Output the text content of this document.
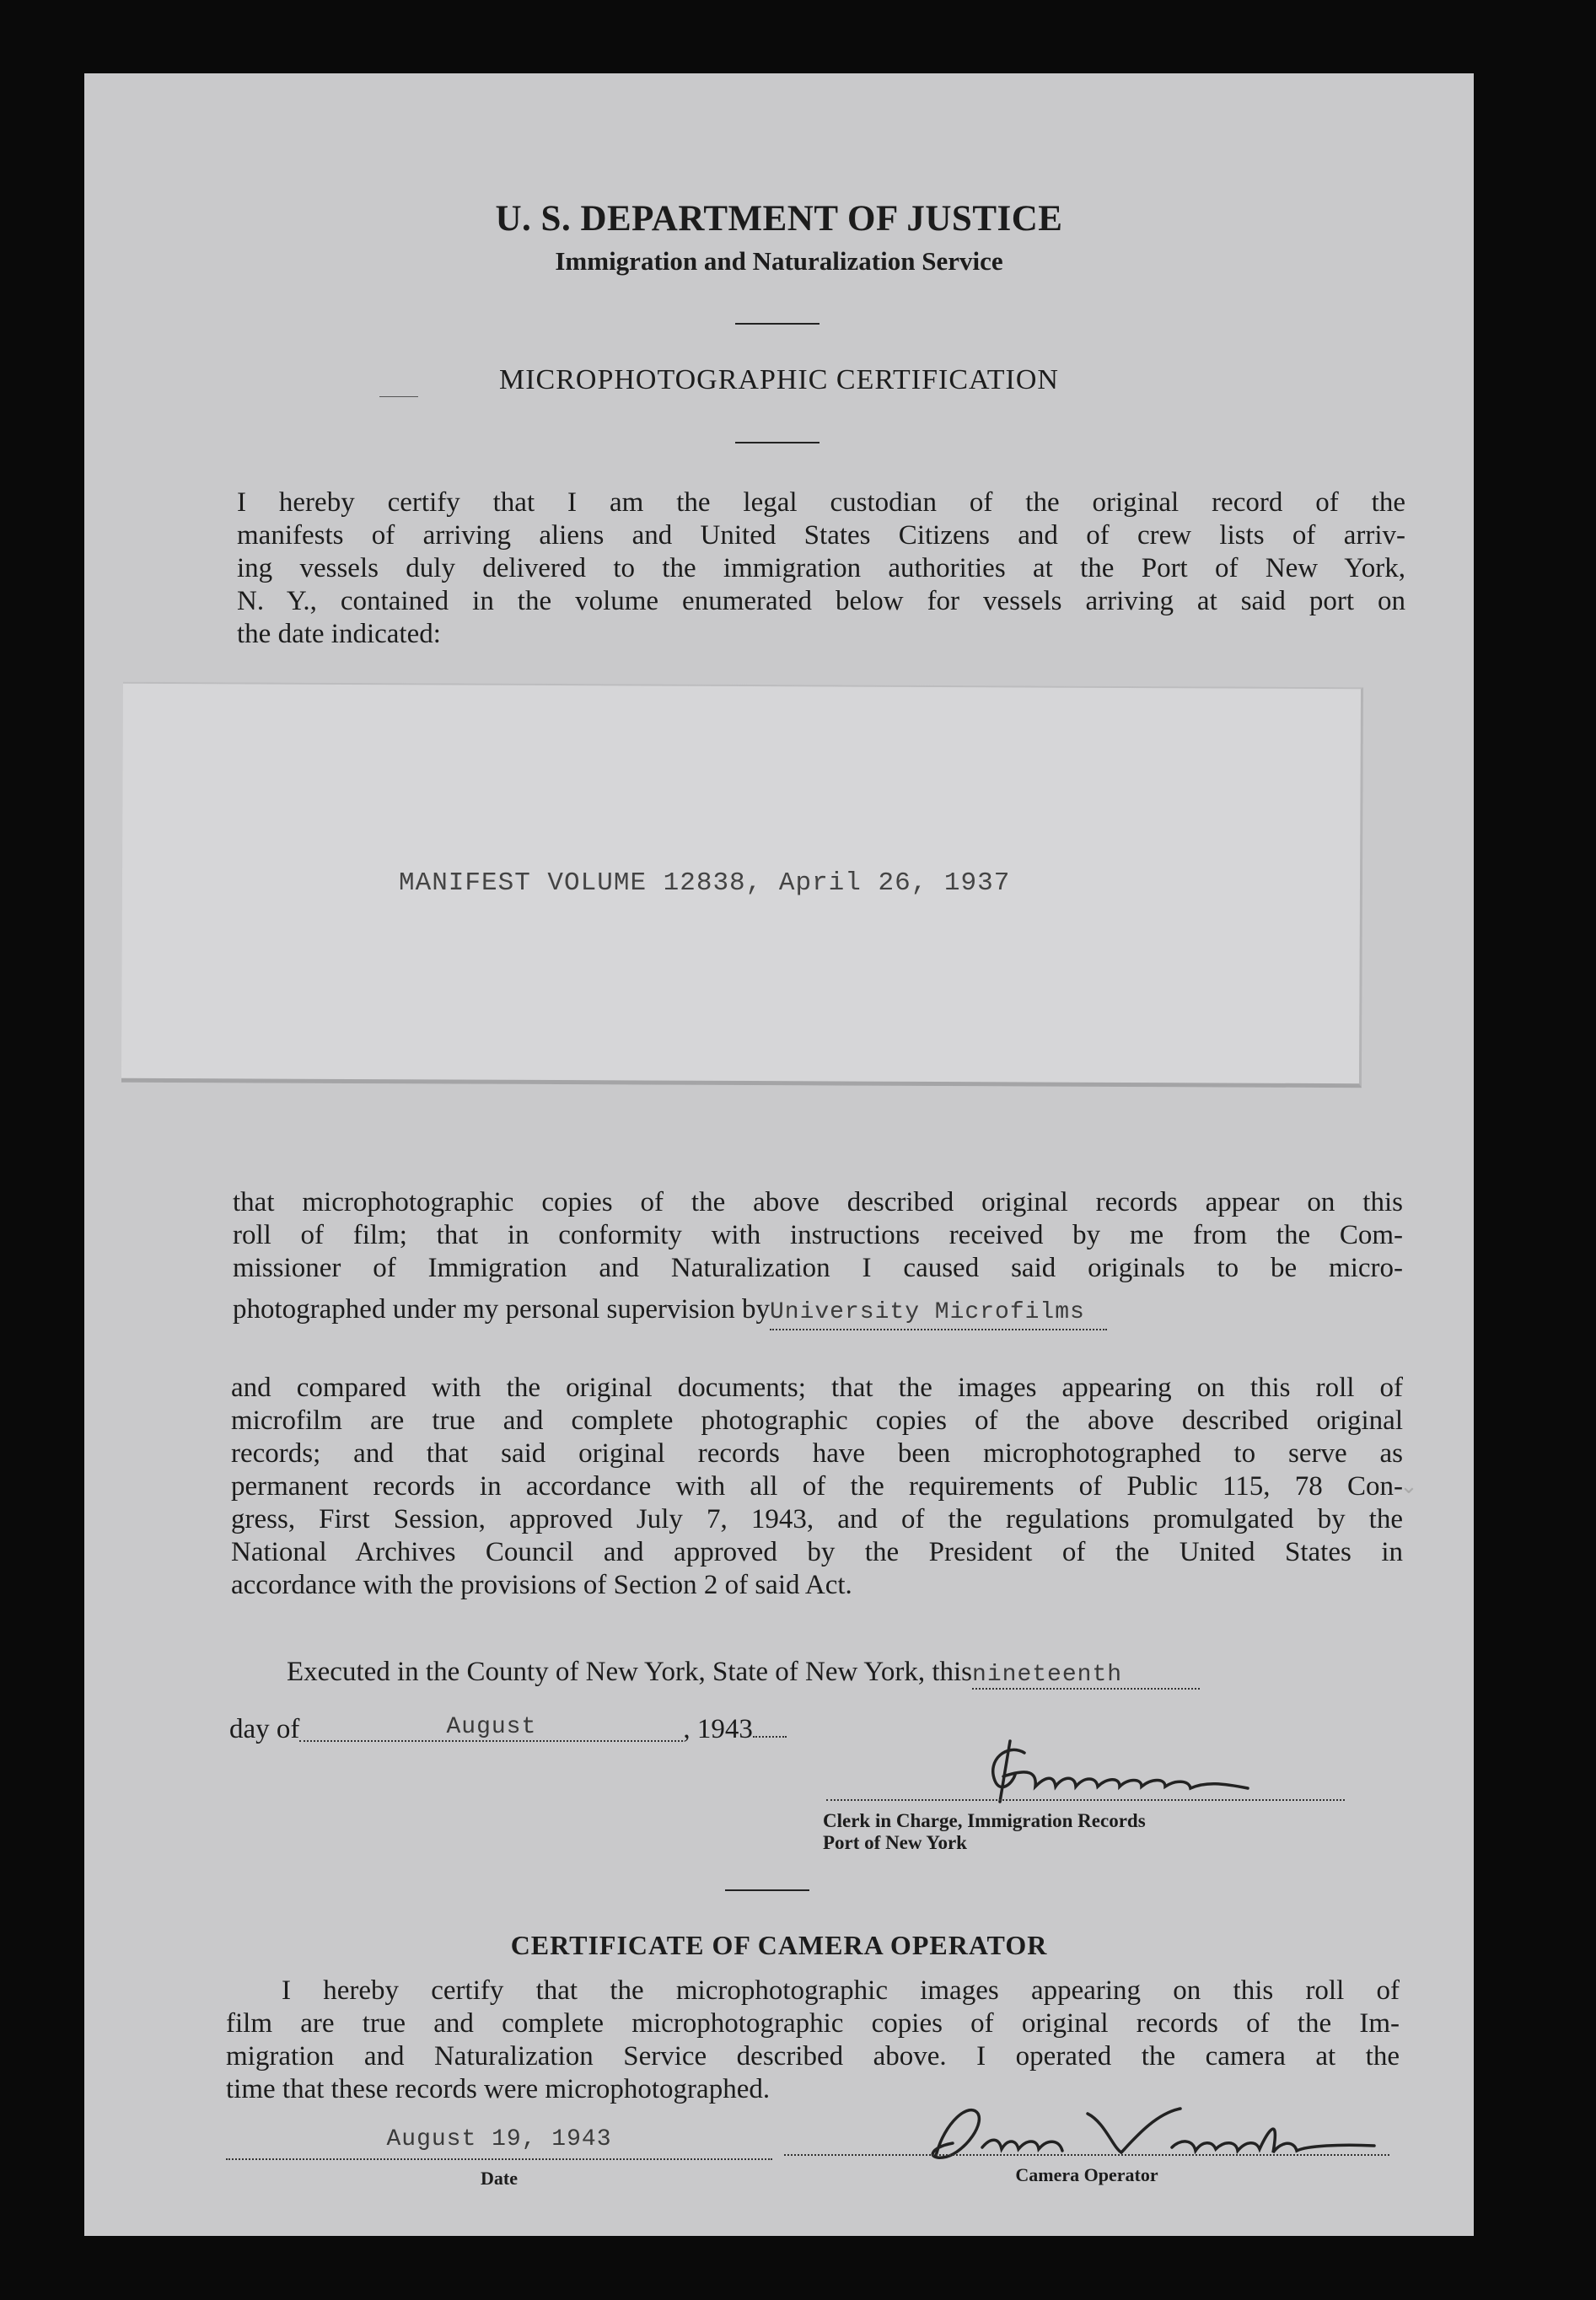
U. S. DEPARTMENT OF JUSTICE
Immigration and Naturalization Service
MICROPHOTOGRAPHIC CERTIFICATION
I hereby certify that I am the legal custodian of the original record of the
manifests of arriving aliens and United States Citizens and of crew lists of arriv-
ing vessels duly delivered to the immigration authorities at the Port of New York,
N. Y., contained in the volume enumerated below for vessels arriving at said port on
the date indicated:
MANIFEST VOLUME 12838, April 26, 1937
that microphotographic copies of the above described original records appear on this
roll of film; that in conformity with instructions received by me from the Com-
missioner of Immigration and Naturalization I caused said originals to be micro-
photographed under my personal supervision byUniversity Microfilms
and compared with the original documents; that the images appearing on this roll of
microfilm are true and complete photographic copies of the above described original
records; and that said original records have been microphotographed to serve as
permanent records in accordance with all of the requirements of Public 115, 78 Con-
gress, First Session, approved July 7, 1943, and of the regulations promulgated by the
National Archives Council and approved by the President of the United States in
accordance with the provisions of Section 2 of said Act.
Executed in the County of New York, State of New York, thisnineteenth
day of	August	, 1943
Clerk in Charge, Immigration Records
Port of New York
CERTIFICATE OF CAMERA OPERATOR
I hereby certify that the microphotographic images appearing on this roll of
film are true and complete microphotographic copies of original records of the Im-
migration and Naturalization Service described above. I operated the camera at the
time that these records were microphotographed.
August 19, 1943
Date	Camera Operator
⌄
